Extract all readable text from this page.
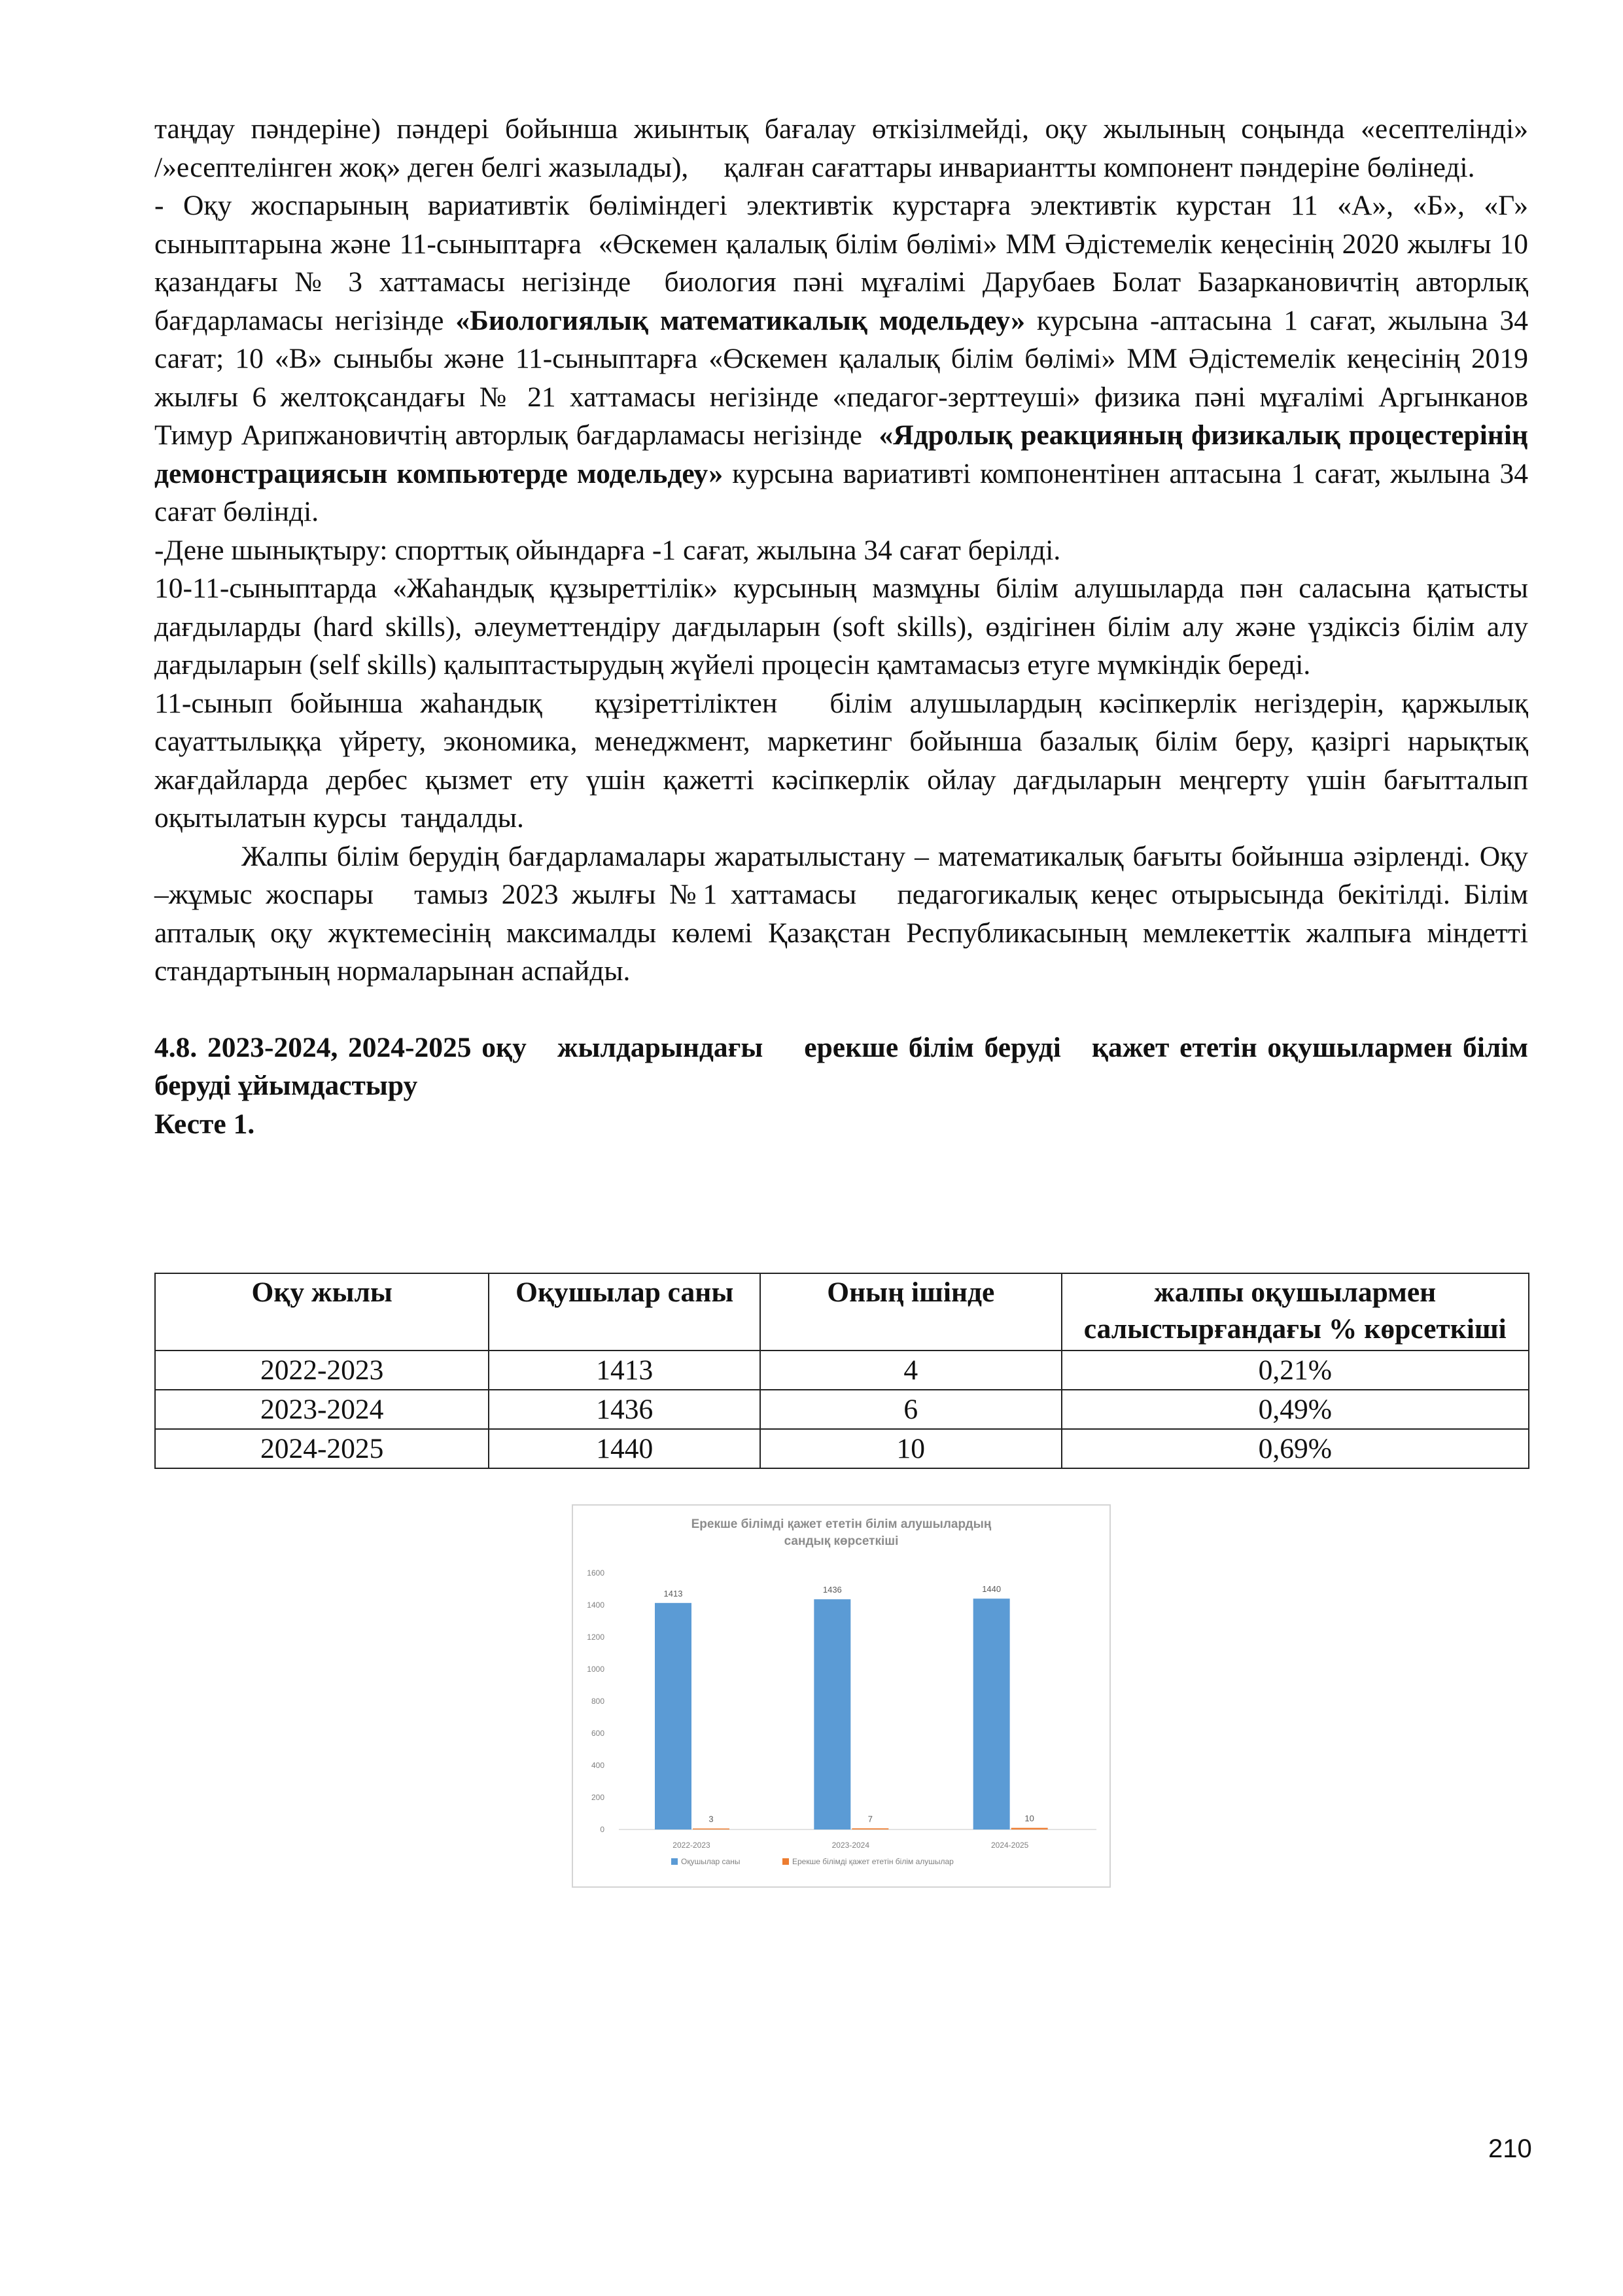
таңдау пәндеріне) пәндері бойынша жиынтық бағалау өткізілмейді, оқу жылының соңында «есептелінді» /»есептелінген жоқ» деген белгі жазылады),     қалған сағаттары инвариантты компонент пәндеріне бөлінеді.

- Оқу жоспарының вариативтік бөліміндегі элективтік курстарға элективтік курстан 11 «А», «Б», «Г» сыныптарына және 11-сыныптарға  «Өскемен қалалық білім бөлімі» ММ Әдістемелік кеңесінің 2020 жылғы 10 қазандағы № 3 хаттамасы негізінде  биология пәні мұғалімі Дарубаев Болат Базаркановичтің авторлық бағдарламасы негізінде «Биологиялық математикалық модельдеу» курсына -аптасына 1 сағат, жылына 34 сағат; 10 «В» сыныбы және 11-сыныптарға «Өскемен қалалық білім бөлімі» ММ Әдістемелік кеңесінің 2019 жылғы 6 желтоқсандағы № 21 хаттамасы негізінде «педагог-зерттеуші» физика пәні мұғалімі Аргынканов Тимур Арипжановичтің авторлық бағдарламасы негізінде  «Ядролық реакцияның физикалық процестерінің демонстрациясын компьютерде модельдеу» курсына вариативті компонентінен аптасына 1 сағат, жылына 34 сағат бөлінді.

-Дене шынықтыру: спорттық ойындарға -1 сағат, жылына 34 сағат берілді.

10-11-сыныптарда «Жаһандық құзыреттілік» курсының мазмұны білім алушыларда пән саласына қатысты дағдыларды (hard skills), әлеуметтендіру дағдыларын (soft skills), өздігінен білім алу және үздіксіз білім алу дағдыларын (self skills) қалыптастырудың жүйелі процесін қамтамасыз етуге мүмкіндік береді.

11-сынып бойынша жаһандық   құзіреттіліктен   білім алушылардың кәсіпкерлік негіздерін, қаржылық сауаттылыққа үйрету, экономика, менеджмент, маркетинг бойынша базалық білім беру, қазіргі нарықтық жағдайларда дербес қызмет ету үшін қажетті кәсіпкерлік ойлау дағдыларын меңгерту үшін бағытталып оқытылатын курсы  таңдалды.

Жалпы білім берудің бағдарламалары жаратылыстану – математикалық бағыты бойынша әзірленді. Оқу –жұмыс жоспары   тамыз 2023 жылғы №1 хаттамасы   педагогикалық кеңес отырысында бекітілді. Білім апталық оқу жүктемесінің максималды көлемі Қазақстан Республикасының мемлекеттік жалпыға міндетті стандартының нормаларынан аспайды.

4.8. 2023-2024, 2024-2025 оқу   жылдарындағы    ерекше білім беруді   қажет ететін оқушылармен білім беруді ұйымдастыру

Кесте 1.

Оқу жылы	Оқушылар саны	Оның ішінде	жалпы оқушылармен салыстырғандағы % көрсеткіші
2022-2023	1413	4	0,21%
2023-2024	1436	6	0,49%
2024-2025	1440	10	0,69%
Ерекше білімді қажет ететін білім алушылардың
сандық көрсеткіші
0
200
400
600
800
1000
1200
1400
1600
1413
3
2022-2023
1436
7
2023-2024
1440
10
2024-2025
Оқушылар саны	Ерекше білімді қажет ететін білім алушылар
210
